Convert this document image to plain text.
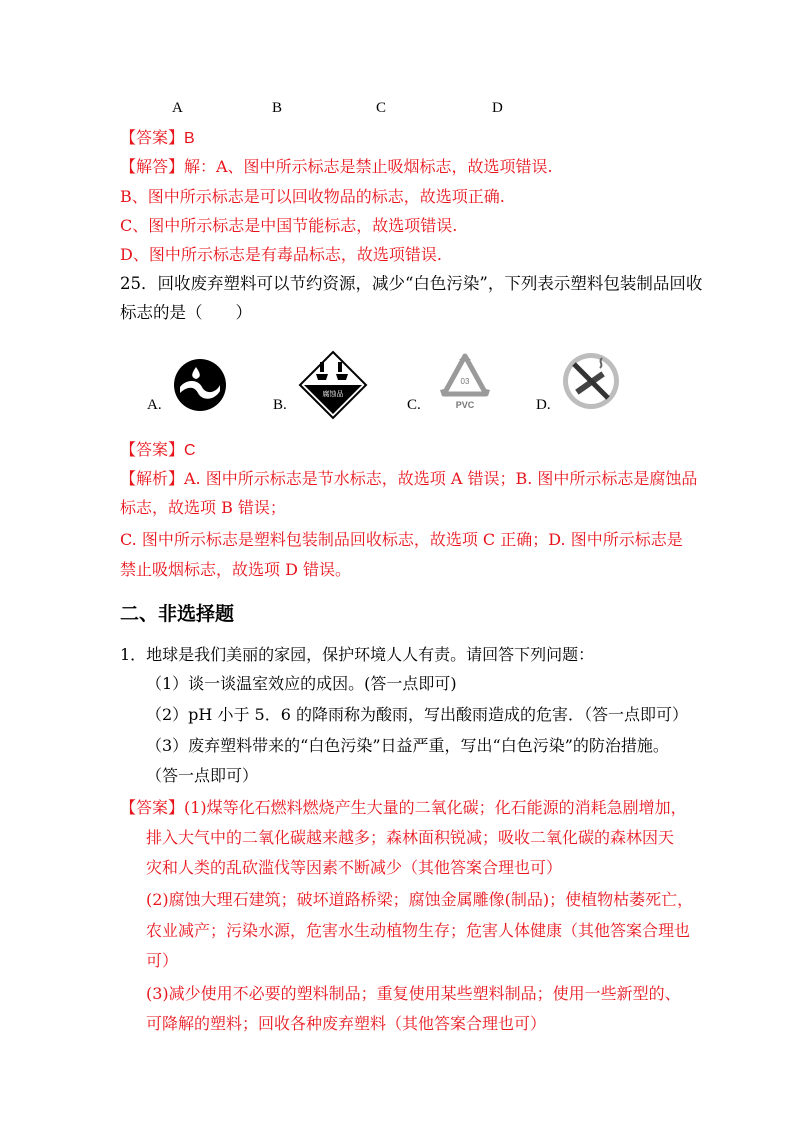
A	B	C	D
【答案】B
【解答】解：A、图中所示标志是禁止吸烟标志，故选项错误.
B、图中所示标志是可以回收物品的标志，故选项正确.
C、图中所示标志是中国节能标志，故选项错误.
D、图中所示标志是有毒品标志，故选项错误.
25．回收废弃塑料可以节约资源，减少“白色污染”，下列表示塑料包装制品回收
标志的是（　　）
A.	B.	C.	D.
腐蚀品
03
PVC
【答案】C
【解析】A. 图中所示标志是节水标志，故选项 A 错误；B. 图中所示标志是腐蚀品
标志，故选项 B 错误；
C. 图中所示标志是塑料包装制品回收标志，故选项 C 正确；D. 图中所示标志是
禁止吸烟标志，故选项 D 错误。
二、非选择题
1．地球是我们美丽的家园，保护环境人人有责。请回答下列问题：
（1）谈一谈温室效应的成因。(答一点即可)
（2）pH 小于 5．6 的降雨称为酸雨，写出酸雨造成的危害．（答一点即可）
（3）废弃塑料带来的“白色污染”日益严重，写出“白色污染”的防治措施。
（答一点即可）
【答案】(1)煤等化石燃料燃烧产生大量的二氧化碳；化石能源的消耗急剧增加，
排入大气中的二氧化碳越来越多；森林面积锐减；吸收二氧化碳的森林因天
灾和人类的乱砍滥伐等因素不断减少（其他答案合理也可）
(2)腐蚀大理石建筑；破坏道路桥梁；腐蚀金属雕像(制品)；使植物枯萎死亡，
农业减产；污染水源，危害水生动植物生存；危害人体健康（其他答案合理也
可）
(3)减少使用不必要的塑料制品；重复使用某些塑料制品；使用一些新型的、
可降解的塑料；回收各种废弃塑料（其他答案合理也可）
